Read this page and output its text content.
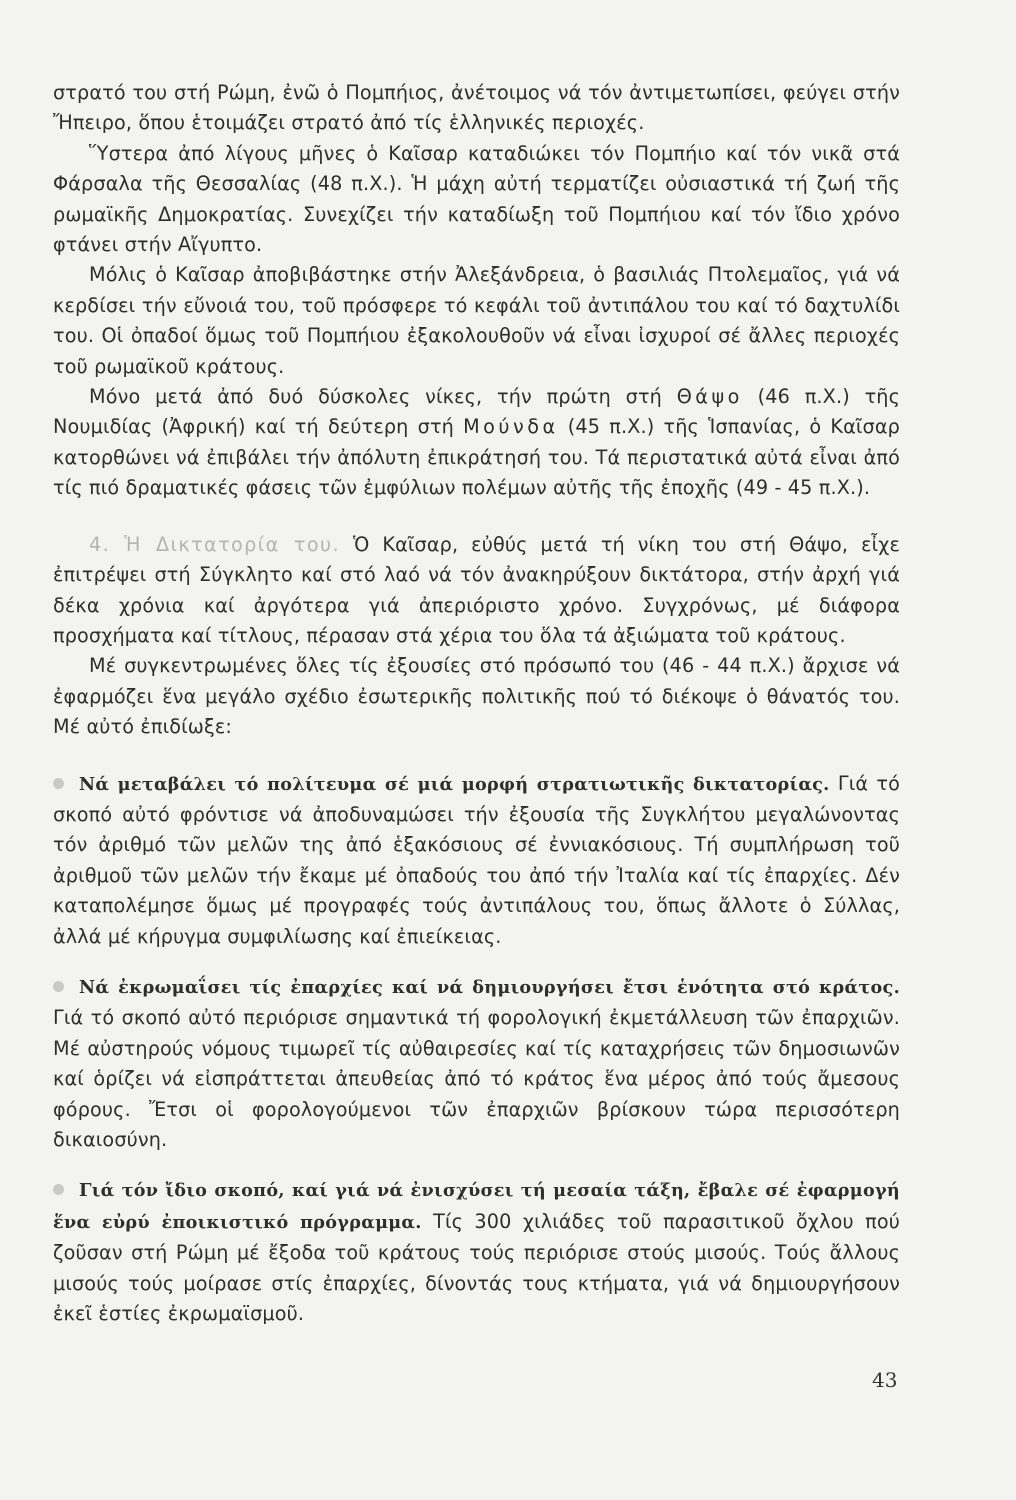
στρατό του στή Ρώμη, ἐνῶ ὁ Πομπήιος, ἀνέτοιμος νά τόν ἀντιμετωπίσει, φεύγει στήν Ἤπειρο, ὅπου ἑτοιμάζει στρατό ἀπό τίς ἑλληνικές περιοχές.

Ὕστερα ἀπό λίγους μῆνες ὁ Καῖσαρ καταδιώκει τόν Πομπήιο καί τόν νικᾶ στά Φάρσαλα τῆς Θεσσαλίας (48 π.Χ.). Ἡ μάχη αὐτή τερματίζει οὐσιαστικά τή ζωή τῆς ρωμαϊκῆς Δημοκρατίας. Συνεχίζει τήν καταδίωξη τοῦ Πομπήιου καί τόν ἴδιο χρόνο φτάνει στήν Αἴγυπτο.

Μόλις ὁ Καῖσαρ ἀποβιβάστηκε στήν Ἀλεξάνδρεια, ὁ βασιλιάς Πτολεμαῖος, γιά νά κερδίσει τήν εὔνοιά του, τοῦ πρόσφερε τό κεφάλι τοῦ ἀντιπάλου του καί τό δαχτυλίδι του. Οἱ ὀπαδοί ὅμως τοῦ Πομπήιου ἐξακολουθοῦν νά εἶναι ἰσχυροί σέ ἄλλες περιοχές τοῦ ρωμαϊκοῦ κράτους.

Μόνο μετά ἀπό δυό δύσκολες νίκες, τήν πρώτη στή Θάψο (46 π.Χ.) τῆς Νουμιδίας (Ἀφρική) καί τή δεύτερη στή Μούνδα (45 π.Χ.) τῆς Ἱσπανίας, ὁ Καῖσαρ κατορθώνει νά ἐπιβάλει τήν ἀπόλυτη ἐπικράτησή του. Τά περιστατικά αὐτά εἶναι ἀπό τίς πιό δραματικές φάσεις τῶν ἐμφύλιων πολέμων αὐτῆς τῆς ἐποχῆς (49 - 45 π.Χ.).

4. Ἡ Δικτατορία του. Ὁ Καῖσαρ, εὐθύς μετά τή νίκη του στή Θάψο, εἶχε ἐπιτρέψει στή Σύγκλητο καί στό λαό νά τόν ἀνακηρύξουν δικτάτορα, στήν ἀρχή γιά δέκα χρόνια καί ἀργότερα γιά ἀπεριόριστο χρόνο. Συγχρόνως, μέ διάφορα προσχήματα καί τίτλους, πέρασαν στά χέρια του ὅλα τά ἀξιώματα τοῦ κράτους.

Μέ συγκεντρωμένες ὅλες τίς ἐξουσίες στό πρόσωπό του (46 - 44 π.Χ.) ἄρχισε νά ἐφαρμόζει ἕνα μεγάλο σχέδιο ἐσωτερικῆς πολιτικῆς πού τό διέκοψε ὁ θάνατός του. Μέ αὐτό ἐπιδίωξε:

Νά μεταβάλει τό πολίτευμα σέ μιά μορφή στρατιωτικῆς δικτατορίας. Γιά τό σκοπό αὐτό φρόντισε νά ἀποδυναμώσει τήν ἐξουσία τῆς Συγκλήτου μεγαλώνοντας τόν ἀριθμό τῶν μελῶν της ἀπό ἑξακόσιους σέ ἐννιακόσιους. Τή συμπλήρωση τοῦ ἀριθμοῦ τῶν μελῶν τήν ἔκαμε μέ ὀπαδούς του ἀπό τήν Ἰταλία καί τίς ἐπαρχίες. Δέν καταπολέμησε ὅμως μέ προγραφές τούς ἀντιπάλους του, ὅπως ἄλλοτε ὁ Σύλλας, ἀλλά μέ κήρυγμα συμφιλίωσης καί ἐπιείκειας.

Νά ἐκρωμαΐσει τίς ἐπαρχίες καί νά δημιουργήσει ἔτσι ἑνότητα στό κράτος. Γιά τό σκοπό αὐτό περιόρισε σημαντικά τή φορολογική ἐκμετάλλευση τῶν ἐπαρχιῶν. Μέ αὐστηρούς νόμους τιμωρεῖ τίς αὐθαιρεσίες καί τίς καταχρήσεις τῶν δημοσιωνῶν καί ὁρίζει νά εἰσπράττεται ἀπευθείας ἀπό τό κράτος ἕνα μέρος ἀπό τούς ἄμεσους φόρους. Ἔτσι οἱ φορολογούμενοι τῶν ἐπαρχιῶν βρίσκουν τώρα περισσότερη δικαιοσύνη.

Γιά τόν ἴδιο σκοπό, καί γιά νά ἐνισχύσει τή μεσαία τάξη, ἔβαλε σέ ἐφαρμογή ἕνα εὐρύ ἐποικιστικό πρόγραμμα. Τίς 300 χιλιάδες τοῦ παρασιτικοῦ ὄχλου πού ζοῦσαν στή Ρώμη μέ ἔξοδα τοῦ κράτους τούς περιόρισε στούς μισούς. Τούς ἄλλους μισούς τούς μοίρασε στίς ἐπαρχίες, δίνοντάς τους κτήματα, γιά νά δημιουργήσουν ἐκεῖ ἑστίες ἐκρωμαϊσμοῦ.

43
